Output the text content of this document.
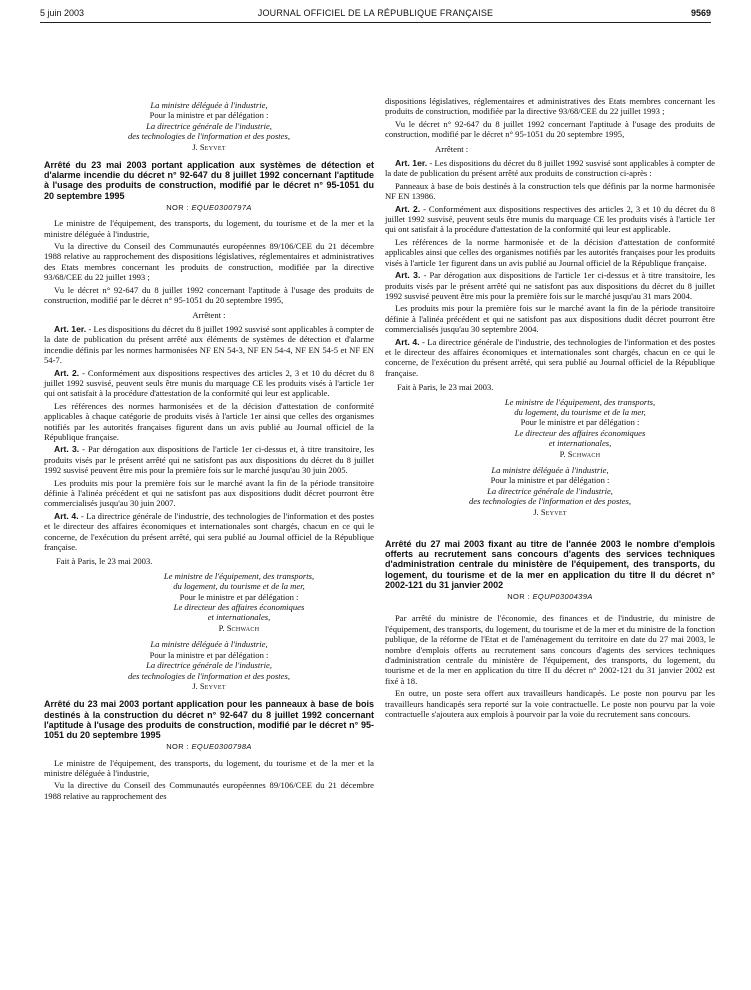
5 juin 2003	JOURNAL OFFICIEL DE LA RÉPUBLIQUE FRANÇAISE	9569

La ministre déléguée à l'industrie,

Pour la ministre et par délégation :

La directrice générale de l'industrie,

des technologies de l'information et des postes,

J. Seyvet

Arrêté du 23 mai 2003 portant application aux systèmes de détection et d'alarme incendie du décret n° 92-647 du 8 juillet 1992 concernant l'aptitude à l'usage des produits de construction, modifié par le décret n° 95-1051 du 20 septembre 1995

NOR : EQUE0300797A

Le ministre de l'équipement, des transports, du logement, du tourisme et de la mer et la ministre déléguée à l'industrie,

Vu la directive du Conseil des Communautés européennes 89/106/CEE du 21 décembre 1988 relative au rapprochement des dispositions législatives, réglementaires et administratives des Etats membres concernant les produits de construction, modifiée par la directive 93/68/CEE du 22 juillet 1993 ;

Vu le décret n° 92-647 du 8 juillet 1992 concernant l'aptitude à l'usage des produits de construction, modifié par le décret n° 95-1051 du 20 septembre 1995,

Arrêtent :

Art. 1er. - Les dispositions du décret du 8 juillet 1992 susvisé sont applicables à compter de la date de publication du présent arrêté aux éléments de systèmes de détection et d'alarme incendie définis par les normes harmonisées NF EN 54-3, NF EN 54-4, NF EN 54-5 et NF EN 54-7.

Art. 2. - Conformément aux dispositions respectives des articles 2, 3 et 10 du décret du 8 juillet 1992 susvisé, peuvent seuls être munis du marquage CE les produits visés à l'article 1er qui ont satisfait à la procédure d'attestation de la conformité qui leur est applicable.

Les références des normes harmonisées et de la décision d'attestation de conformité applicables à chaque catégorie de produits visés à l'article 1er ainsi que celles des organismes notifiés par les autorités françaises figurent dans un avis publié au Journal officiel de la République française.

Art. 3. - Par dérogation aux dispositions de l'article 1er ci-dessus et, à titre transitoire, les produits visés par le présent arrêté qui ne satisfont pas aux dispositions du décret du 8 juillet 1992 susvisé peuvent être mis pour la première fois sur le marché jusqu'au 30 juin 2005.

Les produits mis pour la première fois sur le marché avant la fin de la période transitoire définie à l'alinéa précédent et qui ne satisfont pas aux dispositions dudit décret pourront être commercialisés jusqu'au 30 juin 2007.

Art. 4. - La directrice générale de l'industrie, des technologies de l'information et des postes et le directeur des affaires économiques et internationales sont chargés, chacun en ce qui le concerne, de l'exécution du présent arrêté, qui sera publié au Journal officiel de la République française.

Fait à Paris, le 23 mai 2003.

Le ministre de l'équipement, des transports,

du logement, du tourisme et de la mer,

Pour le ministre et par délégation :

Le directeur des affaires économiques

et internationales,

P. Schwach

La ministre déléguée à l'industrie,

Pour la ministre et par délégation :

La directrice générale de l'industrie,

des technologies de l'information et des postes,

J. Seyvet

Arrêté du 23 mai 2003 portant application pour les panneaux à base de bois destinés à la construction du décret n° 92-647 du 8 juillet 1992 concernant l'aptitude à l'usage des produits de construction, modifié par le décret n° 95-1051 du 20 septembre 1995

NOR : EQUE0300798A

Le ministre de l'équipement, des transports, du logement, du tourisme et de la mer et la ministre déléguée à l'industrie,

Vu la directive du Conseil des Communautés européennes 89/106/CEE du 21 décembre 1988 relative au rapprochement des

dispositions législatives, réglementaires et administratives des Etats membres concernant les produits de construction, modifiée par la directive 93/68/CEE du 22 juillet 1993 ;

Vu le décret n° 92-647 du 8 juillet 1992 concernant l'aptitude à l'usage des produits de construction, modifié par le décret n° 95-1051 du 20 septembre 1995,

Arrêtent :

Art. 1er. - Les dispositions du décret du 8 juillet 1992 susvisé sont applicables à compter de la date de publication du présent arrêté aux produits de construction ci-après :

Panneaux à base de bois destinés à la construction tels que définis par la norme harmonisée NF EN 13986.

Art. 2. - Conformément aux dispositions respectives des articles 2, 3 et 10 du décret du 8 juillet 1992 susvisé, peuvent seuls être munis du marquage CE les produits visés à l'article 1er qui ont satisfait à la procédure d'attestation de la conformité qui leur est applicable.

Les références de la norme harmonisée et de la décision d'attestation de conformité applicables ainsi que celles des organismes notifiés par les autorités françaises pour les produits visés à l'article 1er figurent dans un avis publié au Journal officiel de la République française.

Art. 3. - Par dérogation aux dispositions de l'article 1er ci-dessus et à titre transitoire, les produits visés par le présent arrêté qui ne satisfont pas aux dispositions du décret du 8 juillet 1992 susvisé peuvent être mis pour la première fois sur le marché jusqu'au 31 mars 2004.

Les produits mis pour la première fois sur le marché avant la fin de la période transitoire définie à l'alinéa précédent et qui ne satisfont pas aux dispositions dudit décret pourront être commercialisés jusqu'au 30 septembre 2004.

Art. 4. - La directrice générale de l'industrie, des technologies de l'information et des postes et le directeur des affaires économiques et internationales sont chargés, chacun en ce qui le concerne, de l'exécution du présent arrêté, qui sera publié au Journal officiel de la République française.

Fait à Paris, le 23 mai 2003.

Le ministre de l'équipement, des transports,

du logement, du tourisme et de la mer,

Pour le ministre et par délégation :

Le directeur des affaires économiques

et internationales,

P. Schwach

La ministre déléguée à l'industrie,

Pour la ministre et par délégation :

La directrice générale de l'industrie,

des technologies de l'information et des postes,

J. Seyvet

Arrêté du 27 mai 2003 fixant au titre de l'année 2003 le nombre d'emplois offerts au recrutement sans concours d'agents des services techniques d'administration centrale du ministère de l'équipement, des transports, du logement, du tourisme et de la mer en application du titre II du décret n° 2002-121 du 31 janvier 2002

NOR : EQUP0300439A

Par arrêté du ministre de l'économie, des finances et de l'industrie, du ministre de l'équipement, des transports, du logement, du tourisme et de la mer et du ministre de la fonction publique, de la réforme de l'Etat et de l'aménagement du territoire en date du 27 mai 2003, le nombre d'emplois offerts au recrutement sans concours d'agents des services techniques d'administration centrale du ministère de l'équipement, des transports, du logement, du tourisme et de la mer en application du titre II du décret n° 2002-121 du 31 janvier 2002 est fixé à 18.

En outre, un poste sera offert aux travailleurs handicapés. Le poste non pourvu par les travailleurs handicapés sera reporté sur la voie contractuelle. Le poste non pourvu par la voie contractuelle s'ajoutera aux emplois à pourvoir par la voie du recrutement sans concours.
